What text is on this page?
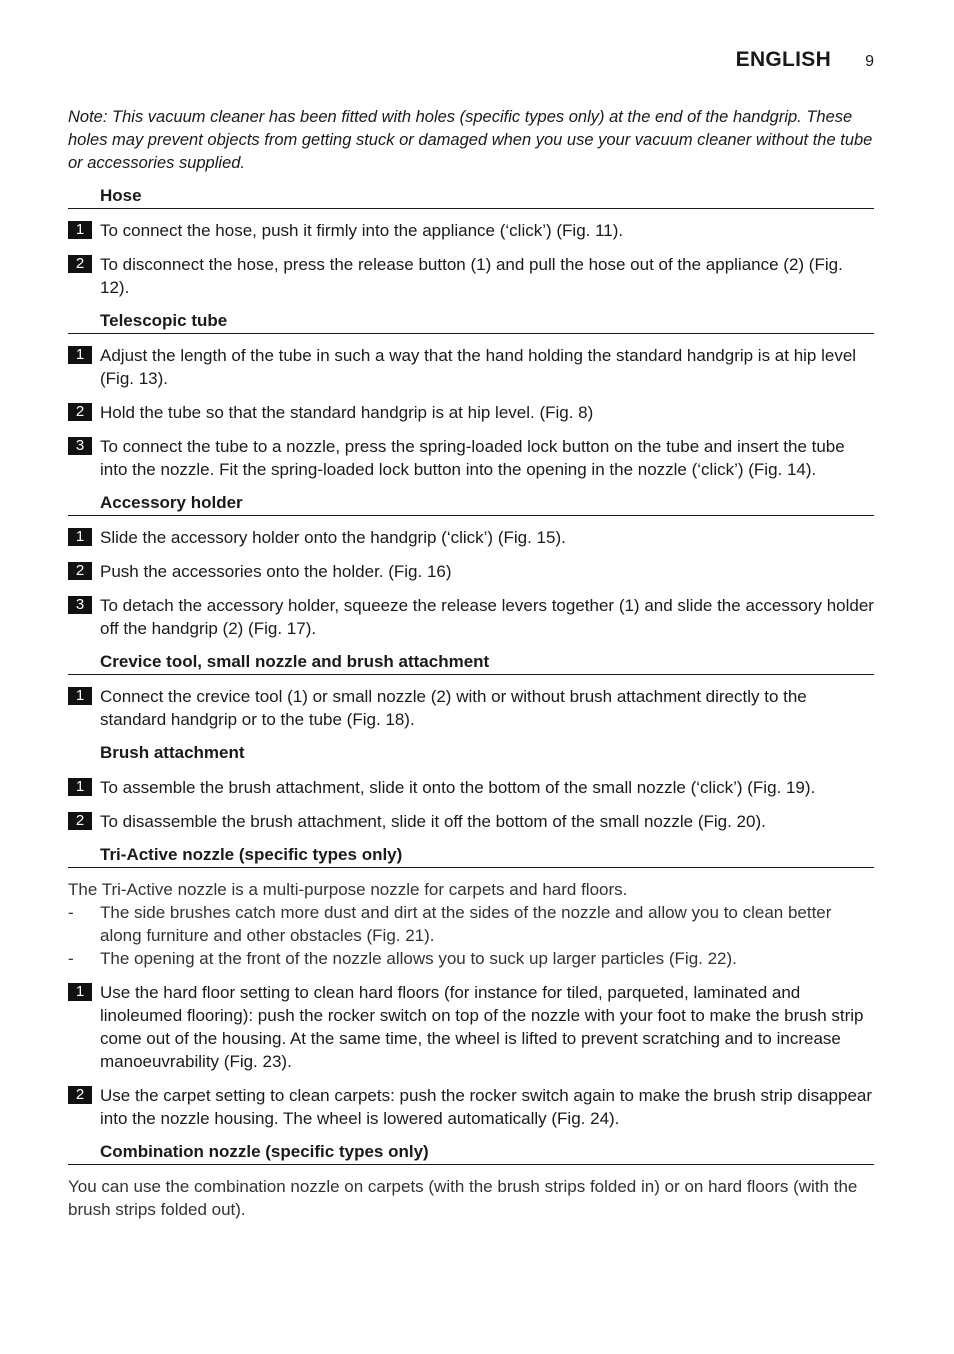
ENGLISH 9

Note: This vacuum cleaner has been fitted with holes (specific types only) at the end of the handgrip. These holes may prevent objects from getting stuck or damaged when you use your vacuum cleaner without the tube or accessories supplied.

Hose
1 To connect the hose, push it firmly into the appliance (‘click’) (Fig. 11).
2 To disconnect the hose, press the release button (1) and pull the hose out of the appliance (2) (Fig. 12).
Telescopic tube
1 Adjust the length of the tube in such a way that the hand holding the standard handgrip is at hip level (Fig. 13).
2 Hold the tube so that the standard handgrip is at hip level. (Fig. 8)
3 To connect the tube to a nozzle, press the spring-loaded lock button on the tube and insert the tube into the nozzle. Fit the spring-loaded lock button into the opening in the nozzle (‘click’) (Fig. 14).
Accessory holder
1 Slide the accessory holder onto the handgrip (‘click’) (Fig. 15).
2 Push the accessories onto the holder. (Fig. 16)
3 To detach the accessory holder, squeeze the release levers together (1) and slide the accessory holder off the handgrip (2) (Fig. 17).
Crevice tool, small nozzle and brush attachment
1 Connect the crevice tool (1) or small nozzle (2) with or without brush attachment directly to the standard handgrip or to the tube (Fig. 18).
Brush attachment
1 To assemble the brush attachment, slide it onto the bottom of the small nozzle (‘click’) (Fig. 19).
2 To disassemble the brush attachment, slide it off the bottom of the small nozzle (Fig. 20).
Tri-Active nozzle (specific types only)

The Tri-Active nozzle is a multi-purpose nozzle for carpets and hard floors.

-	The side brushes catch more dust and dirt at the sides of the nozzle and allow you to clean better along furniture and other obstacles (Fig. 21).
-	The opening at the front of the nozzle allows you to suck up larger particles (Fig. 22).
1 Use the hard floor setting to clean hard floors (for instance for tiled, parqueted, laminated and linoleumed flooring): push the rocker switch on top of the nozzle with your foot to make the brush strip come out of the housing. At the same time, the wheel is lifted to prevent scratching and to increase manoeuvrability (Fig. 23).
2 Use the carpet setting to clean carpets: push the rocker switch again to make the brush strip disappear into the nozzle housing. The wheel is lowered automatically (Fig. 24).
Combination nozzle (specific types only)

You can use the combination nozzle on carpets (with the brush strips folded in) or on hard floors (with the brush strips folded out).
